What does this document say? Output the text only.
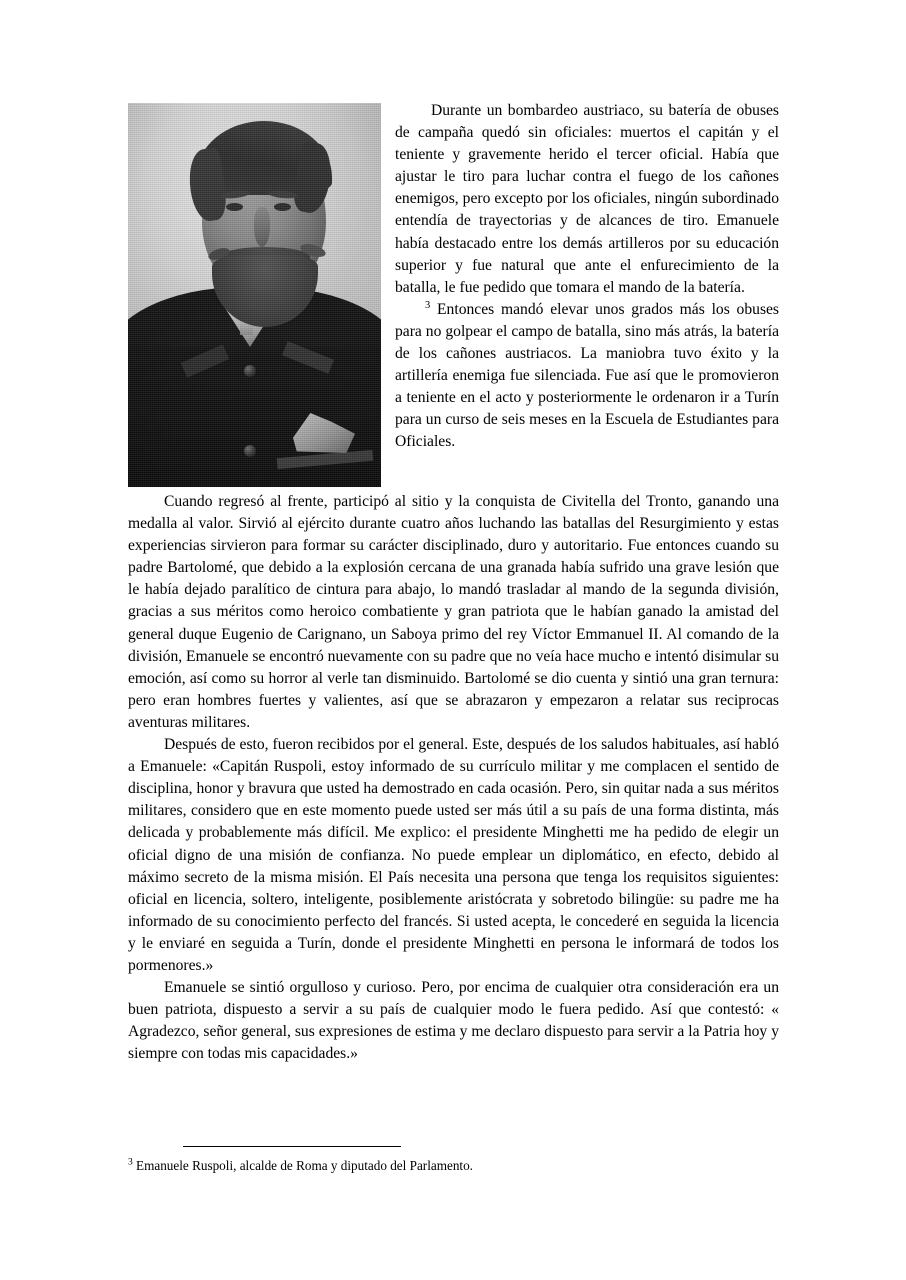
Durante un bombardeo austriaco, su batería de obuses de campaña quedó sin oficiales: muertos el capitán y el teniente y gravemente herido el tercer oficial. Había que ajustar le tiro para luchar contra el fuego de los cañones enemigos, pero excepto por los oficiales, ningún subordinado entendía de trayectorias y de alcances de tiro. Emanuele había destacado entre los demás artilleros por su educación superior y fue natural que ante el enfurecimiento de la batalla, le fue pedido que tomara el mando de la batería.

$^3$ Entonces mandó elevar unos grados más los obuses para no golpear el campo de batalla, sino más atrás, la batería de los cañones austriacos. La maniobra tuvo éxito y la artillería enemiga fue silenciada. Fue así que le promovieron a teniente en el acto y posteriormente le ordenaron ir a Turín para un curso de seis meses en la Escuela de Estudiantes para Oficiales.

Cuando regresó al frente, participó al sitio y la conquista de Civitella del Tronto, ganando una medalla al valor. Sirvió al ejército durante cuatro años luchando las batallas del Resurgimiento y estas experiencias sirvieron para formar su carácter disciplinado, duro y autoritario. Fue entonces cuando su padre Bartolomé, que debido a la explosión cercana de una granada había sufrido una grave lesión que le había dejado paralítico de cintura para abajo, lo mandó trasladar al mando de la segunda división, gracias a sus méritos como heroico combatiente y gran patriota que le habían ganado la amistad del general duque Eugenio de Carignano, un Saboya primo del rey Víctor Emmanuel II. Al comando de la división, Emanuele se encontró nuevamente con su padre que no veía hace mucho e intentó disimular su emoción, así como su horror al verle tan disminuido. Bartolomé se dio cuenta y sintió una gran ternura: pero eran hombres fuertes y valientes, así que se abrazaron y empezaron a relatar sus reciprocas aventuras militares.

Después de esto, fueron recibidos por el general. Este, después de los saludos habituales, así habló a Emanuele: «Capitán Ruspoli, estoy informado de su currículo militar y me complacen el sentido de disciplina, honor y bravura que usted ha demostrado en cada ocasión. Pero, sin quitar nada a sus méritos militares, considero que en este momento puede usted ser más útil a su país de una forma distinta, más delicada y probablemente más difícil. Me explico: el presidente Minghetti me ha pedido de elegir un oficial digno de una misión de confianza. No puede emplear un diplomático, en efecto, debido al máximo secreto de la misma misión. El País necesita una persona que tenga los requisitos siguientes: oficial en licencia, soltero, inteligente, posiblemente aristócrata y sobretodo bilingüe: su padre me ha informado de su conocimiento perfecto del francés. Si usted acepta, le concederé en seguida la licencia y le enviaré en seguida a Turín, donde el presidente Minghetti en persona le informará de todos los pormenores.»

Emanuele se sintió orgulloso y curioso. Pero, por encima de cualquier otra consideración era un buen patriota, dispuesto a servir a su país de cualquier modo le fuera pedido. Así que contestó: « Agradezco, señor general, sus expresiones de estima y me declaro dispuesto para servir a la Patria hoy y siempre con todas mis capacidades.»

$^3$ Emanuele Ruspoli, alcalde de Roma y diputado del Parlamento.
